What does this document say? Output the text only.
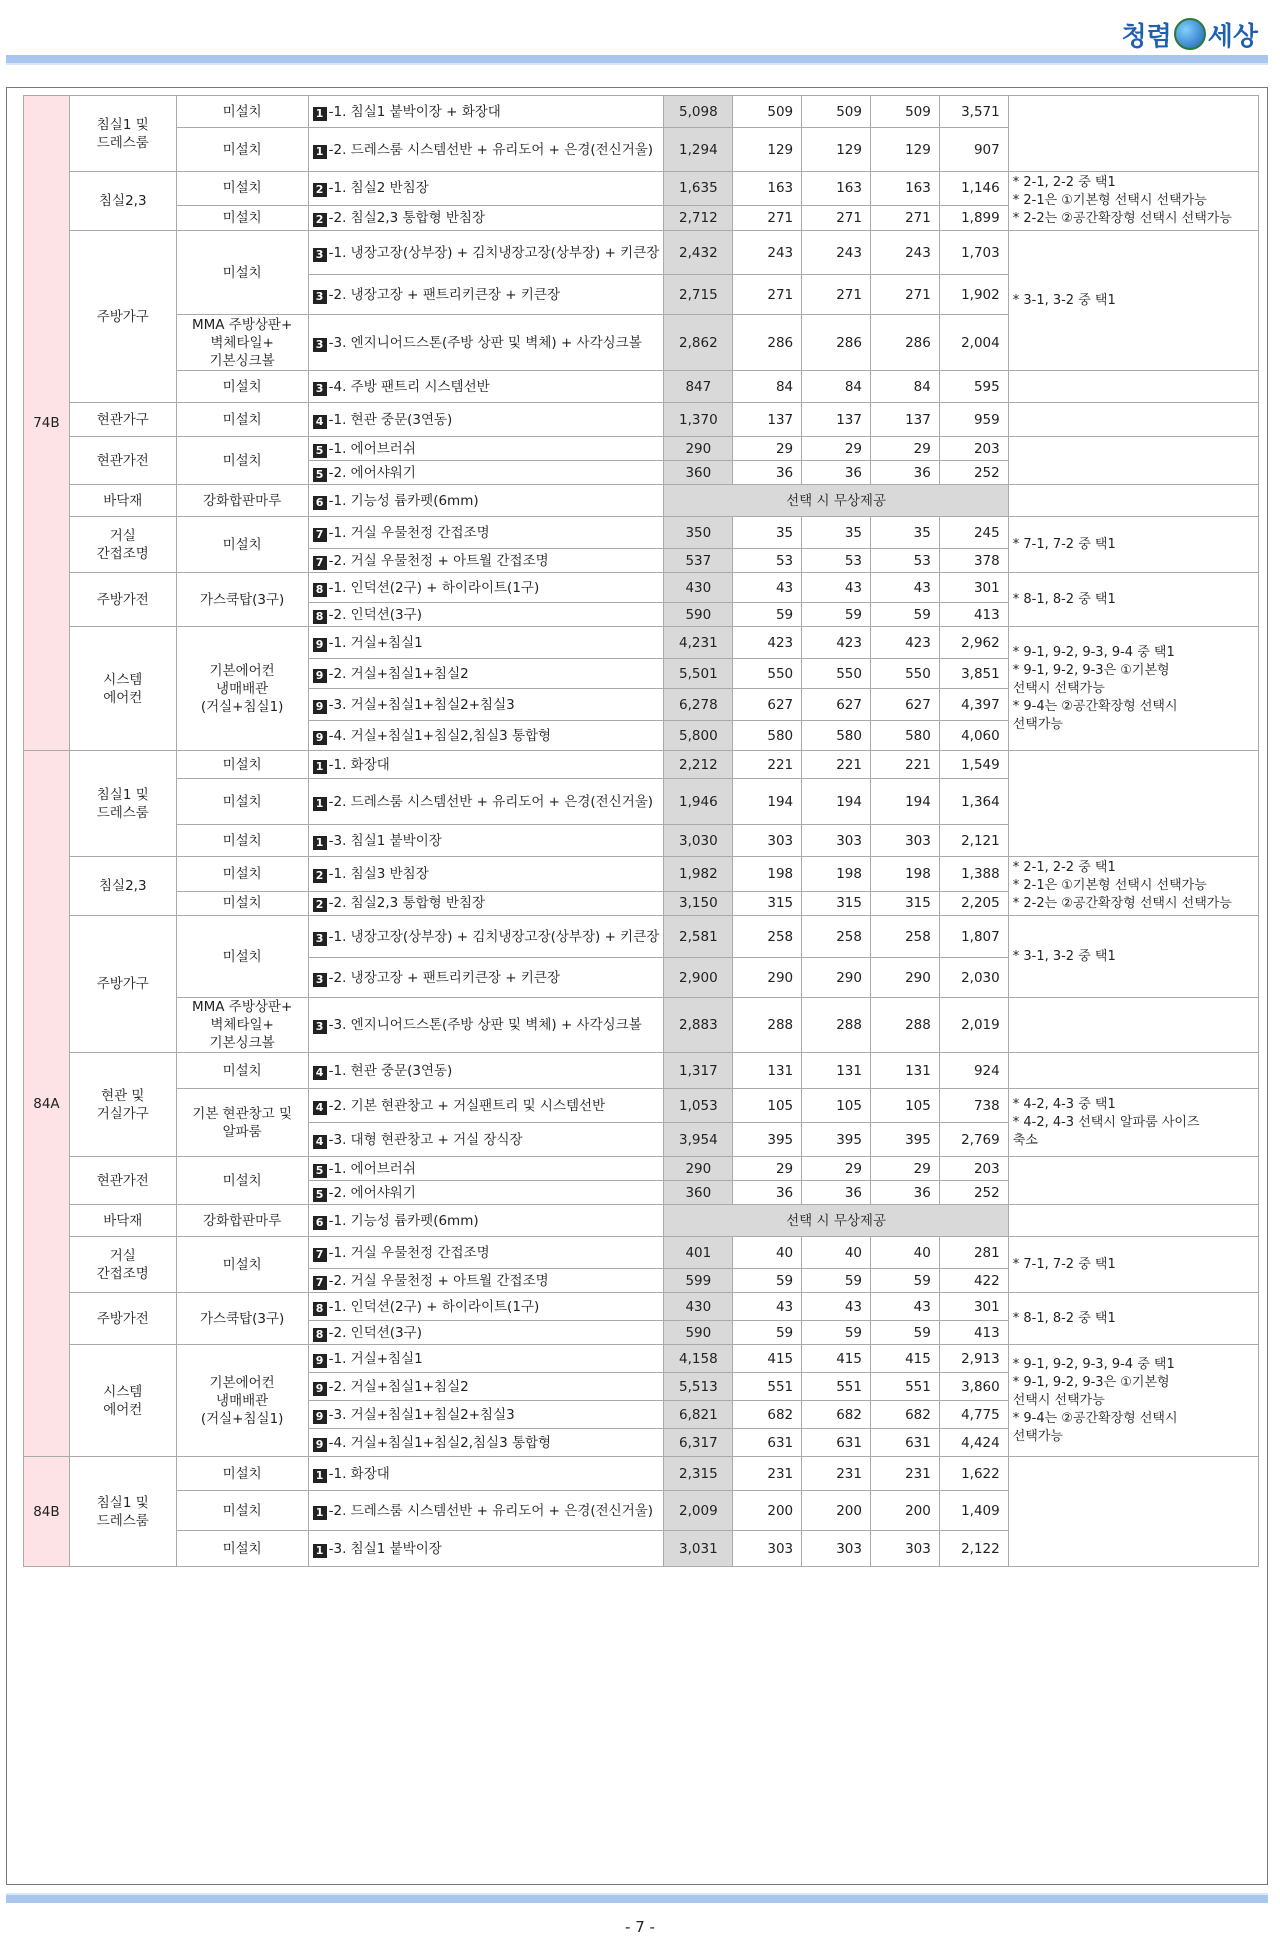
청렴 세상
74B	침실1 및
드레스룸	미설치	1 -1. 침실1 붙박이장 + 화장대	5,098	509	509	509	3,571	
		미설치	1 -2. 드레스룸 시스템선반 + 유리도어 + 은경(전신거울)	1,294	129	129	129	907	
	침실2,3	미설치	2 -1. 침실2 반침장	1,635	163	163	163	1,146	* 2-1, 2-2 중 택1
* 2-1은 ①기본형 선택시 선택가능
* 2-2는 ②공간확장형 선택시 선택가능
		미설치	2 -2. 침실2,3 통합형 반침장	2,712	271	271	271	1,899	
	주방가구	미설치	3 -1. 냉장고장(상부장) + 김치냉장고장(상부장) + 키큰장	2,432	243	243	243	1,703	* 3-1, 3-2 중 택1
			3 -2. 냉장고장 + 팬트리키큰장 + 키큰장	2,715	271	271	271	1,902	
		MMA 주방상판+
벽체타일+
기본싱크볼	3 -3. 엔지니어드스톤(주방 상판 및 벽체) + 사각싱크볼	2,862	286	286	286	2,004	
		미설치	3 -4. 주방 팬트리 시스템선반	847	84	84	84	595	
	현관가구	미설치	4 -1. 현관 중문(3연동)	1,370	137	137	137	959	
	현관가전	미설치	5 -1. 에어브러쉬	290	29	29	29	203	
			5 -2. 에어샤워기	360	36	36	36	252	
	바닥재	강화합판마루	6 -1. 기능성 륨카펫(6mm)	선택 시 무상제공					
	거실
간접조명	미설치	7 -1. 거실 우물천정 간접조명	350	35	35	35	245	* 7-1, 7-2 중 택1
			7 -2. 거실 우물천정 + 아트월 간접조명	537	53	53	53	378	
	주방가전	가스쿡탑(3구)	8 -1. 인덕션(2구) + 하이라이트(1구)	430	43	43	43	301	* 8-1, 8-2 중 택1
			8 -2. 인덕션(3구)	590	59	59	59	413	
	시스템
에어컨	기본에어컨
냉매배관
(거실+침실1)	9 -1. 거실+침실1	4,231	423	423	423	2,962	* 9-1, 9-2, 9-3, 9-4 중 택1
* 9-1, 9-2, 9-3은 ①기본형
선택시 선택가능
* 9-4는 ②공간확장형 선택시
선택가능
			9 -2. 거실+침실1+침실2	5,501	550	550	550	3,851	
			9 -3. 거실+침실1+침실2+침실3	6,278	627	627	627	4,397	
			9 -4. 거실+침실1+침실2,침실3 통합형	5,800	580	580	580	4,060	
84A	침실1 및
드레스룸	미설치	1 -1. 화장대	2,212	221	221	221	1,549	
		미설치	1 -2. 드레스룸 시스템선반 + 유리도어 + 은경(전신거울)	1,946	194	194	194	1,364	
		미설치	1 -3. 침실1 붙박이장	3,030	303	303	303	2,121	
	침실2,3	미설치	2 -1. 침실3 반침장	1,982	198	198	198	1,388	* 2-1, 2-2 중 택1
* 2-1은 ①기본형 선택시 선택가능
* 2-2는 ②공간확장형 선택시 선택가능
		미설치	2 -2. 침실2,3 통합형 반침장	3,150	315	315	315	2,205	
	주방가구	미설치	3 -1. 냉장고장(상부장) + 김치냉장고장(상부장) + 키큰장	2,581	258	258	258	1,807	* 3-1, 3-2 중 택1
			3 -2. 냉장고장 + 팬트리키큰장 + 키큰장	2,900	290	290	290	2,030	
		MMA 주방상판+
벽체타일+
기본싱크볼	3 -3. 엔지니어드스톤(주방 상판 및 벽체) + 사각싱크볼	2,883	288	288	288	2,019	
	현관 및
거실가구	미설치	4 -1. 현관 중문(3연동)	1,317	131	131	131	924	
		기본 현관창고 및
알파룸	4 -2. 기본 현관창고 + 거실팬트리 및 시스템선반	1,053	105	105	105	738	* 4-2, 4-3 중 택1
* 4-2, 4-3 선택시 알파룸 사이즈
축소
			4 -3. 대형 현관창고 + 거실 장식장	3,954	395	395	395	2,769	
	현관가전	미설치	5 -1. 에어브러쉬	290	29	29	29	203	
			5 -2. 에어샤워기	360	36	36	36	252	
	바닥재	강화합판마루	6 -1. 기능성 륨카펫(6mm)	선택 시 무상제공					
	거실
간접조명	미설치	7 -1. 거실 우물천정 간접조명	401	40	40	40	281	* 7-1, 7-2 중 택1
			7 -2. 거실 우물천정 + 아트월 간접조명	599	59	59	59	422	
	주방가전	가스쿡탑(3구)	8 -1. 인덕션(2구) + 하이라이트(1구)	430	43	43	43	301	* 8-1, 8-2 중 택1
			8 -2. 인덕션(3구)	590	59	59	59	413	
	시스템
에어컨	기본에어컨
냉매배관
(거실+침실1)	9 -1. 거실+침실1	4,158	415	415	415	2,913	* 9-1, 9-2, 9-3, 9-4 중 택1
* 9-1, 9-2, 9-3은 ①기본형
선택시 선택가능
* 9-4는 ②공간확장형 선택시
선택가능
			9 -2. 거실+침실1+침실2	5,513	551	551	551	3,860	
			9 -3. 거실+침실1+침실2+침실3	6,821	682	682	682	4,775	
			9 -4. 거실+침실1+침실2,침실3 통합형	6,317	631	631	631	4,424	
84B	침실1 및
드레스룸	미설치	1 -1. 화장대	2,315	231	231	231	1,622	
		미설치	1 -2. 드레스룸 시스템선반 + 유리도어 + 은경(전신거울)	2,009	200	200	200	1,409	
		미설치	1 -3. 침실1 붙박이장	3,031	303	303	303	2,122	
- 7 -
